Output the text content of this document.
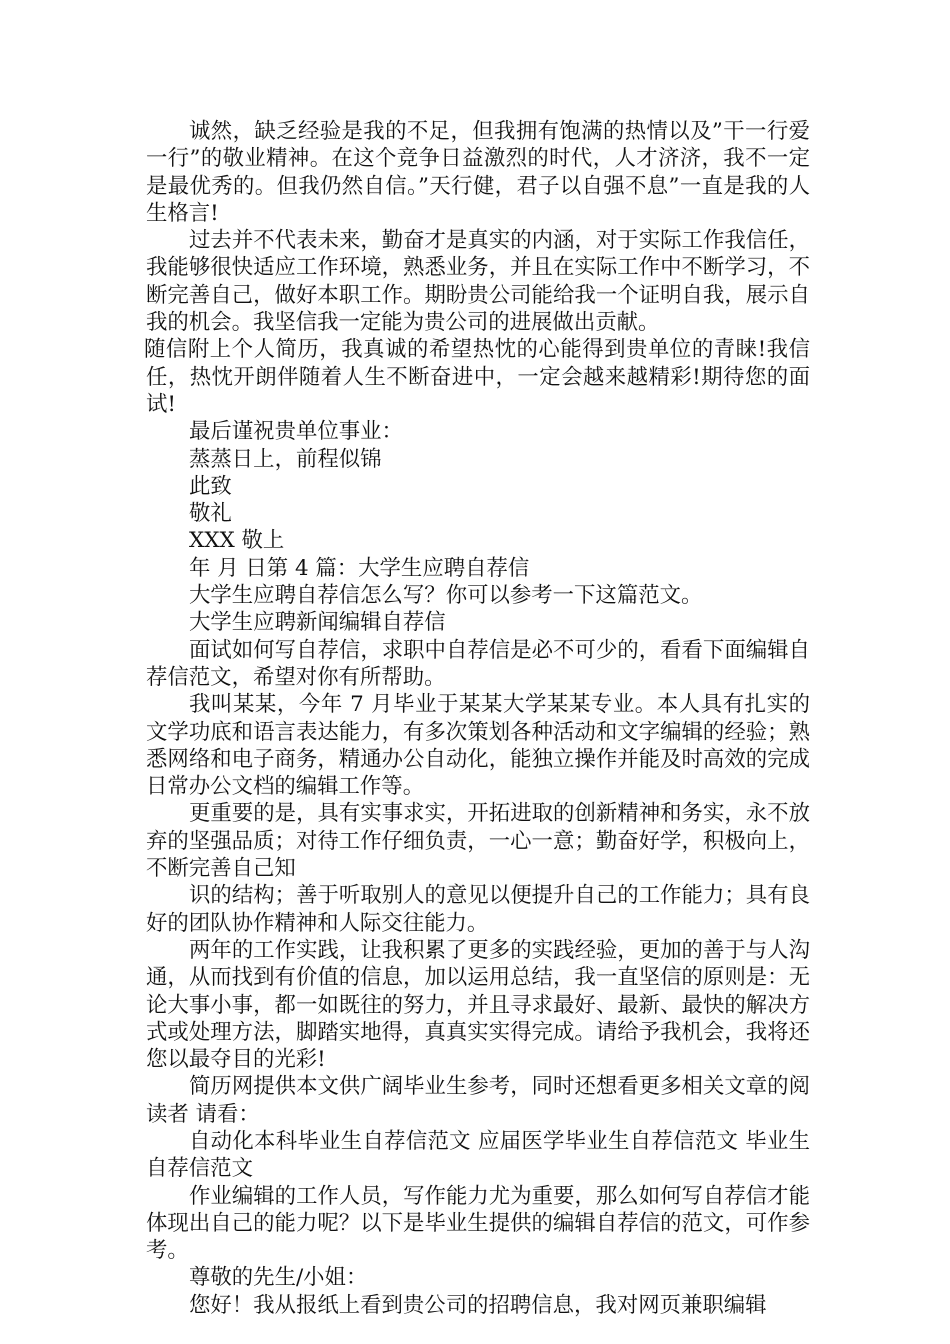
诚然，缺乏经验是我的不足，但我拥有饱满的热情以及”干一行爱一行”的敬业精神。在这个竞争日益激烈的时代，人才济济，我不一定是最优秀的。但我仍然自信。”天行健，君子以自强不息”一直是我的人生格言!

过去并不代表未来，勤奋才是真实的内涵，对于实际工作我信任，我能够很快适应工作环境，熟悉业务，并且在实际工作中不断学习，不断完善自己，做好本职工作。期盼贵公司能给我一个证明自我，展示自我的机会。我坚信我一定能为贵公司的进展做出贡献。

随信附上个人简历，我真诚的希望热忱的心能得到贵单位的青睐!我信任，热忱开朗伴随着人生不断奋进中，一定会越来越精彩!期待您的面试!

最后谨祝贵单位事业：

蒸蒸日上，前程似锦

此致

敬礼

XXX 敬上

年 月 日第 4 篇：大学生应聘自荐信

大学生应聘自荐信怎么写？你可以参考一下这篇范文。

大学生应聘新闻编辑自荐信

面试如何写自荐信，求职中自荐信是必不可少的，看看下面编辑自荐信范文，希望对你有所帮助。

我叫某某，今年 7 月毕业于某某大学某某专业。本人具有扎实的文学功底和语言表达能力，有多次策划各种活动和文字编辑的经验；熟悉网络和电子商务，精通办公自动化，能独立操作并能及时高效的完成日常办公文档的编辑工作等。

更重要的是，具有实事求实，开拓进取的创新精神和务实，永不放弃的坚强品质；对待工作仔细负责，一心一意；勤奋好学，积极向上，不断完善自己知

识的结构；善于听取别人的意见以便提升自己的工作能力；具有良好的团队协作精神和人际交往能力。

两年的工作实践，让我积累了更多的实践经验，更加的善于与人沟通，从而找到有价值的信息，加以运用总结，我一直坚信的原则是：无论大事小事，都一如既往的努力，并且寻求最好、最新、最快的解决方式或处理方法，脚踏实地得，真真实实得完成。请给予我机会，我将还您以最夺目的光彩!

简历网提供本文供广阔毕业生参考，同时还想看更多相关文章的阅读者 请看：

自动化本科毕业生自荐信范文 应届医学毕业生自荐信范文 毕业生自荐信范文

作业编辑的工作人员，写作能力尤为重要，那么如何写自荐信才能体现出自己的能力呢？以下是毕业生提供的编辑自荐信的范文，可作参考。

尊敬的先生/小姐：

您好！我从报纸上看到贵公司的招聘信息，我对网页兼职编辑
